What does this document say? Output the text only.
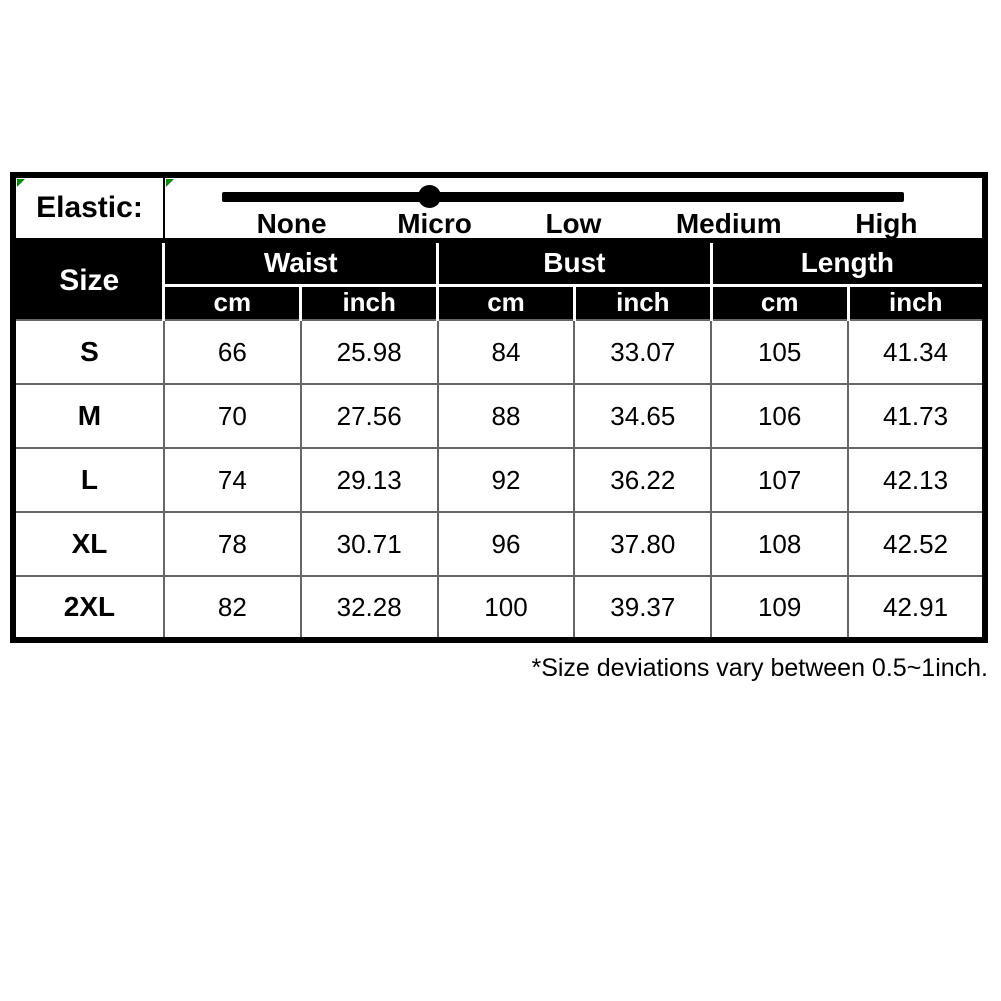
Elastic:	None Micro Low Medium High					

Size	Waist		Bust		Length	
	cm	inch	cm	inch	cm	inch
S	66	25.98	84	33.07	105	41.34
M	70	27.56	88	34.65	106	41.73
L	74	29.13	92	36.22	107	42.13
XL	78	30.71	96	37.80	108	42.52
2XL	82	32.28	100	39.37	109	42.91
*Size deviations vary between 0.5~1inch.
